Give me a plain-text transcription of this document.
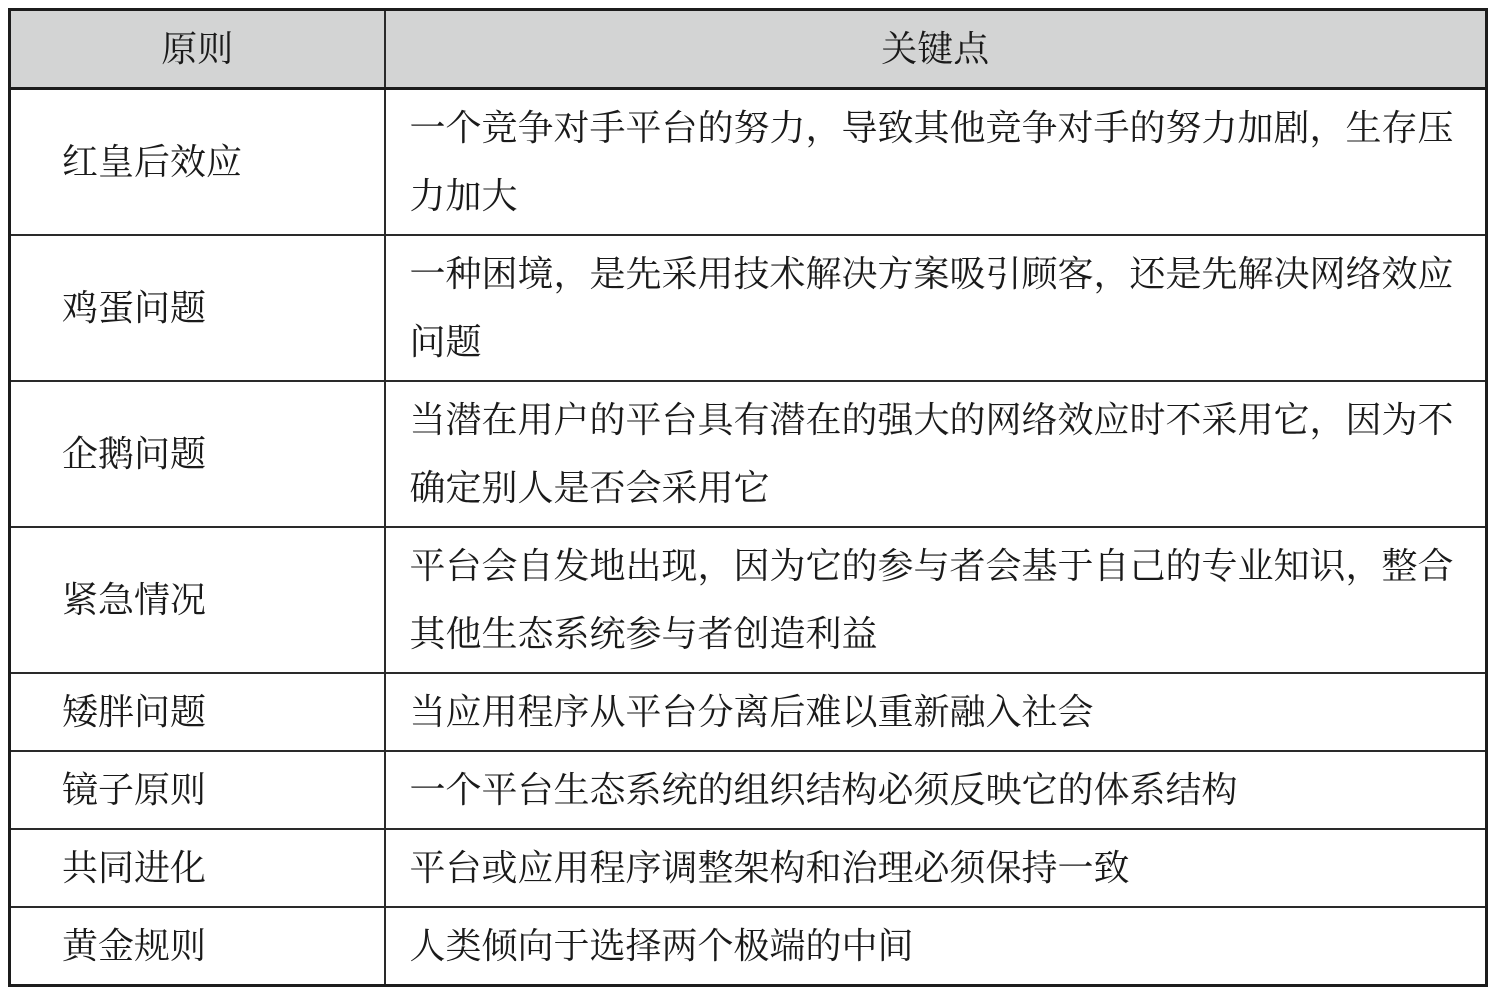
原则	关键点
红皇后效应	一个竞争对手平台的努力，导致其他竞争对手的努力加剧，生存压力加大
鸡蛋问题	一种困境，是先采用技术解决方案吸引顾客，还是先解决网络效应问题
企鹅问题	当潜在用户的平台具有潜在的强大的网络效应时不采用它，因为不确定别人是否会采用它
紧急情况	平台会自发地出现，因为它的参与者会基于自己的专业知识，整合其他生态系统参与者创造利益
矮胖问题	当应用程序从平台分离后难以重新融入社会
镜子原则	一个平台生态系统的组织结构必须反映它的体系结构
共同进化	平台或应用程序调整架构和治理必须保持一致
黄金规则	人类倾向于选择两个极端的中间
